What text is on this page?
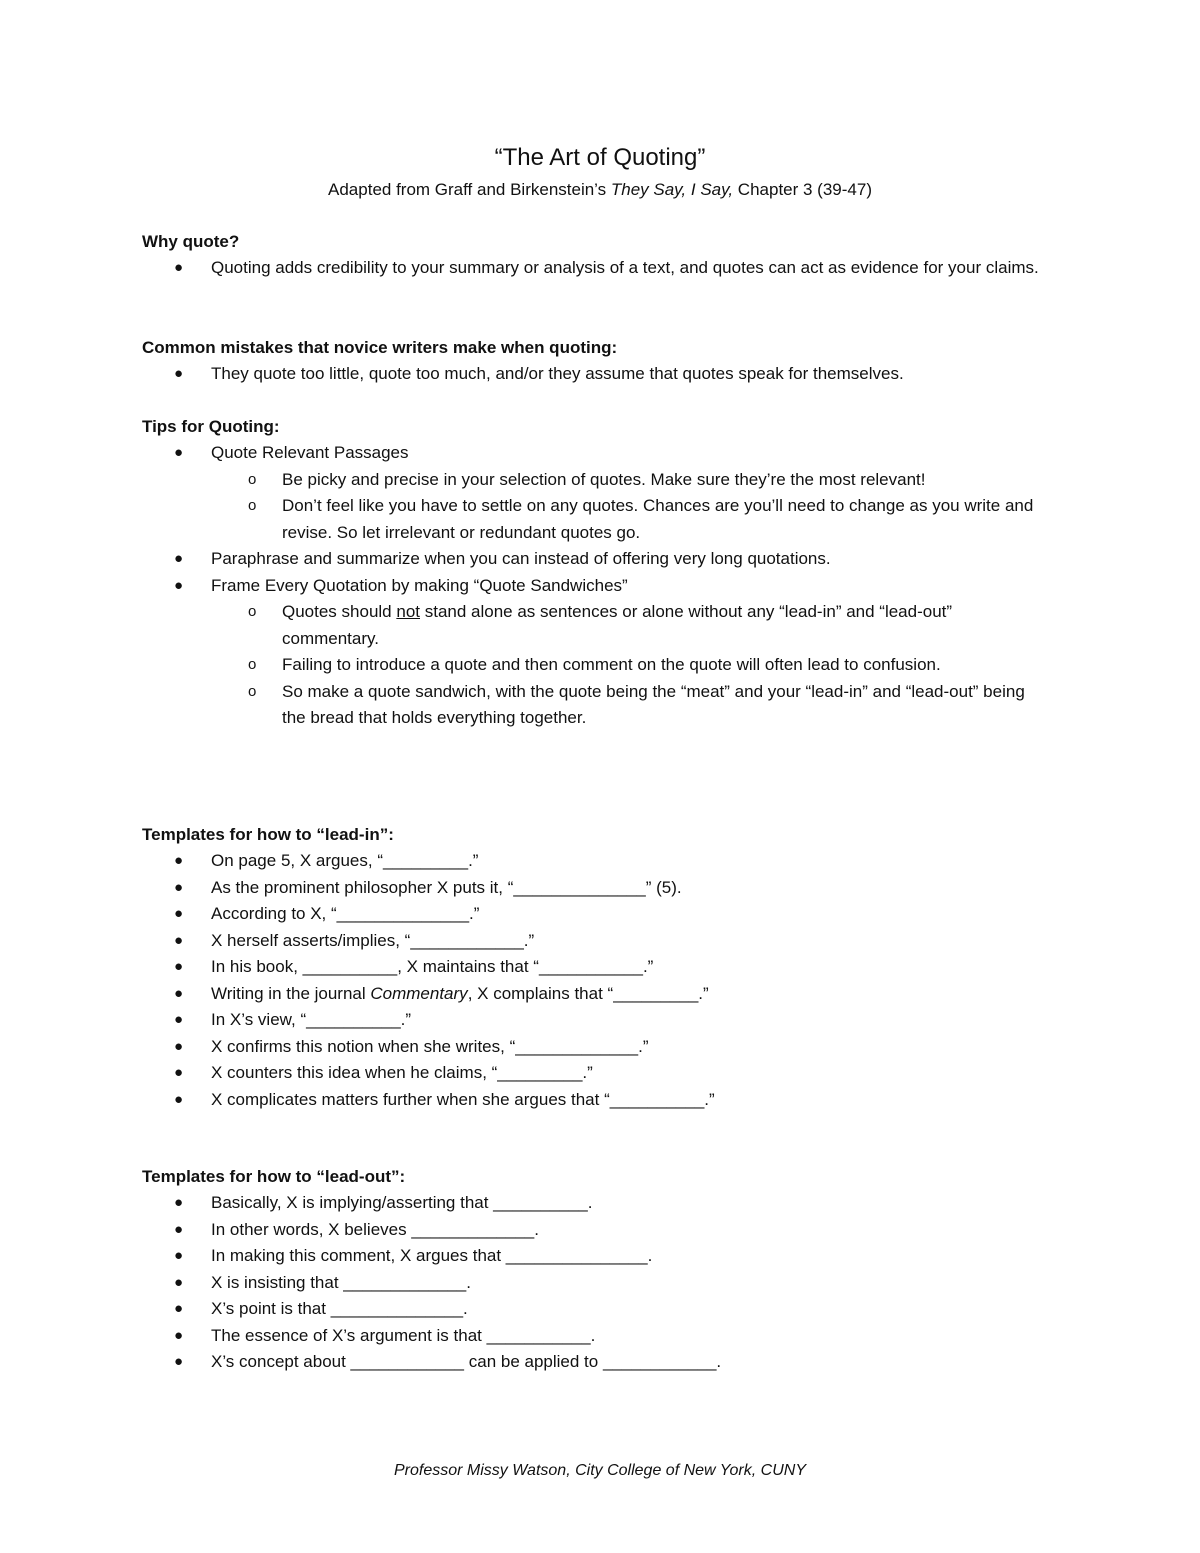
“The Art of Quoting”
Adapted from Graff and Birkenstein’s They Say, I Say, Chapter 3 (39-47)
Why quote?
● Quoting adds credibility to your summary or analysis of a text, and quotes can act as evidence for your claims.
Common mistakes that novice writers make when quoting:
● They quote too little, quote too much, and/or they assume that quotes speak for themselves.
Tips for Quoting:
● Quote Relevant Passages
o Be picky and precise in your selection of quotes. Make sure they’re the most relevant!
o Don’t feel like you have to settle on any quotes. Chances are you’ll need to change as you write and revise. So let irrelevant or redundant quotes go.
● Paraphrase and summarize when you can instead of offering very long quotations.
● Frame Every Quotation by making “Quote Sandwiches”
o Quotes should not stand alone as sentences or alone without any “lead-in” and “lead-out” commentary.
o Failing to introduce a quote and then comment on the quote will often lead to confusion.
o So make a quote sandwich, with the quote being the “meat” and your “lead-in” and “lead-out” being the bread that holds everything together.
Templates for how to “lead-in”:
● On page 5, X argues, “_________.”
● As the prominent philosopher X puts it, “______________” (5).
● According to X, “______________.”
● X herself asserts/implies, “____________.”
● In his book, __________, X maintains that “___________.”
● Writing in the journal Commentary, X complains that “_________.”
● In X’s view, “__________.”
● X confirms this notion when she writes, “_____________.”
● X counters this idea when he claims, “_________.”
● X complicates matters further when she argues that “__________.”
Templates for how to “lead-out”:
● Basically, X is implying/asserting that __________.
● In other words, X believes _____________.
● In making this comment, X argues that _______________.
● X is insisting that _____________.
● X’s point is that ______________.
● The essence of X’s argument is that ___________.
● X’s concept about ____________ can be applied to ____________.
Professor Missy Watson, City College of New York, CUNY
